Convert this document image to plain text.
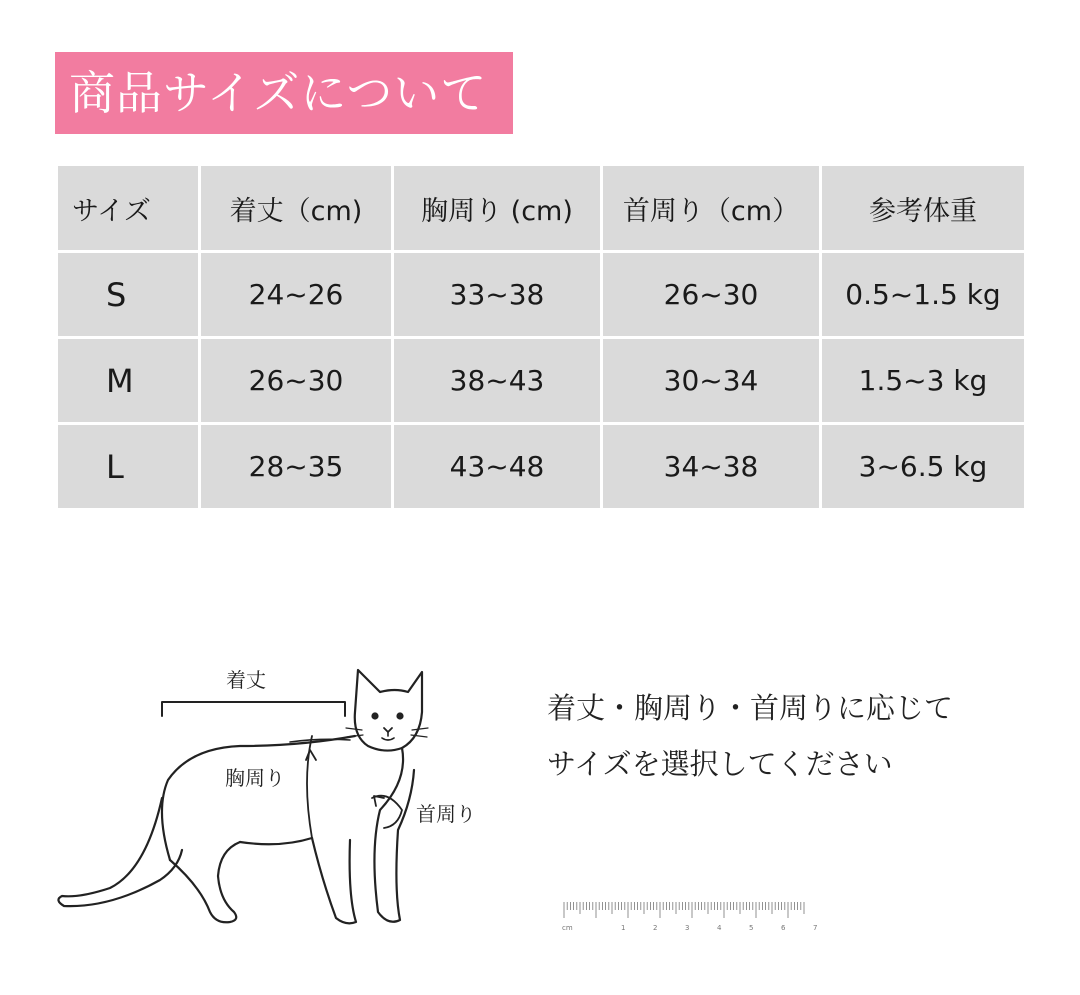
商品サイズについて
サイズ	着丈（cm)	胸周り (cm)	首周り（cm）	参考体重
S	24~26	33~38	26~30	0.5~1.5 kg
M	26~30	38~43	30~34	1.5~3 kg
L	28~35	43~48	34~38	3~6.5 kg
着丈
胸周り
首周り
着丈・胸周り・首周りに応じて
サイズを選択してください
cm	1	2	3	4	5	6	7
